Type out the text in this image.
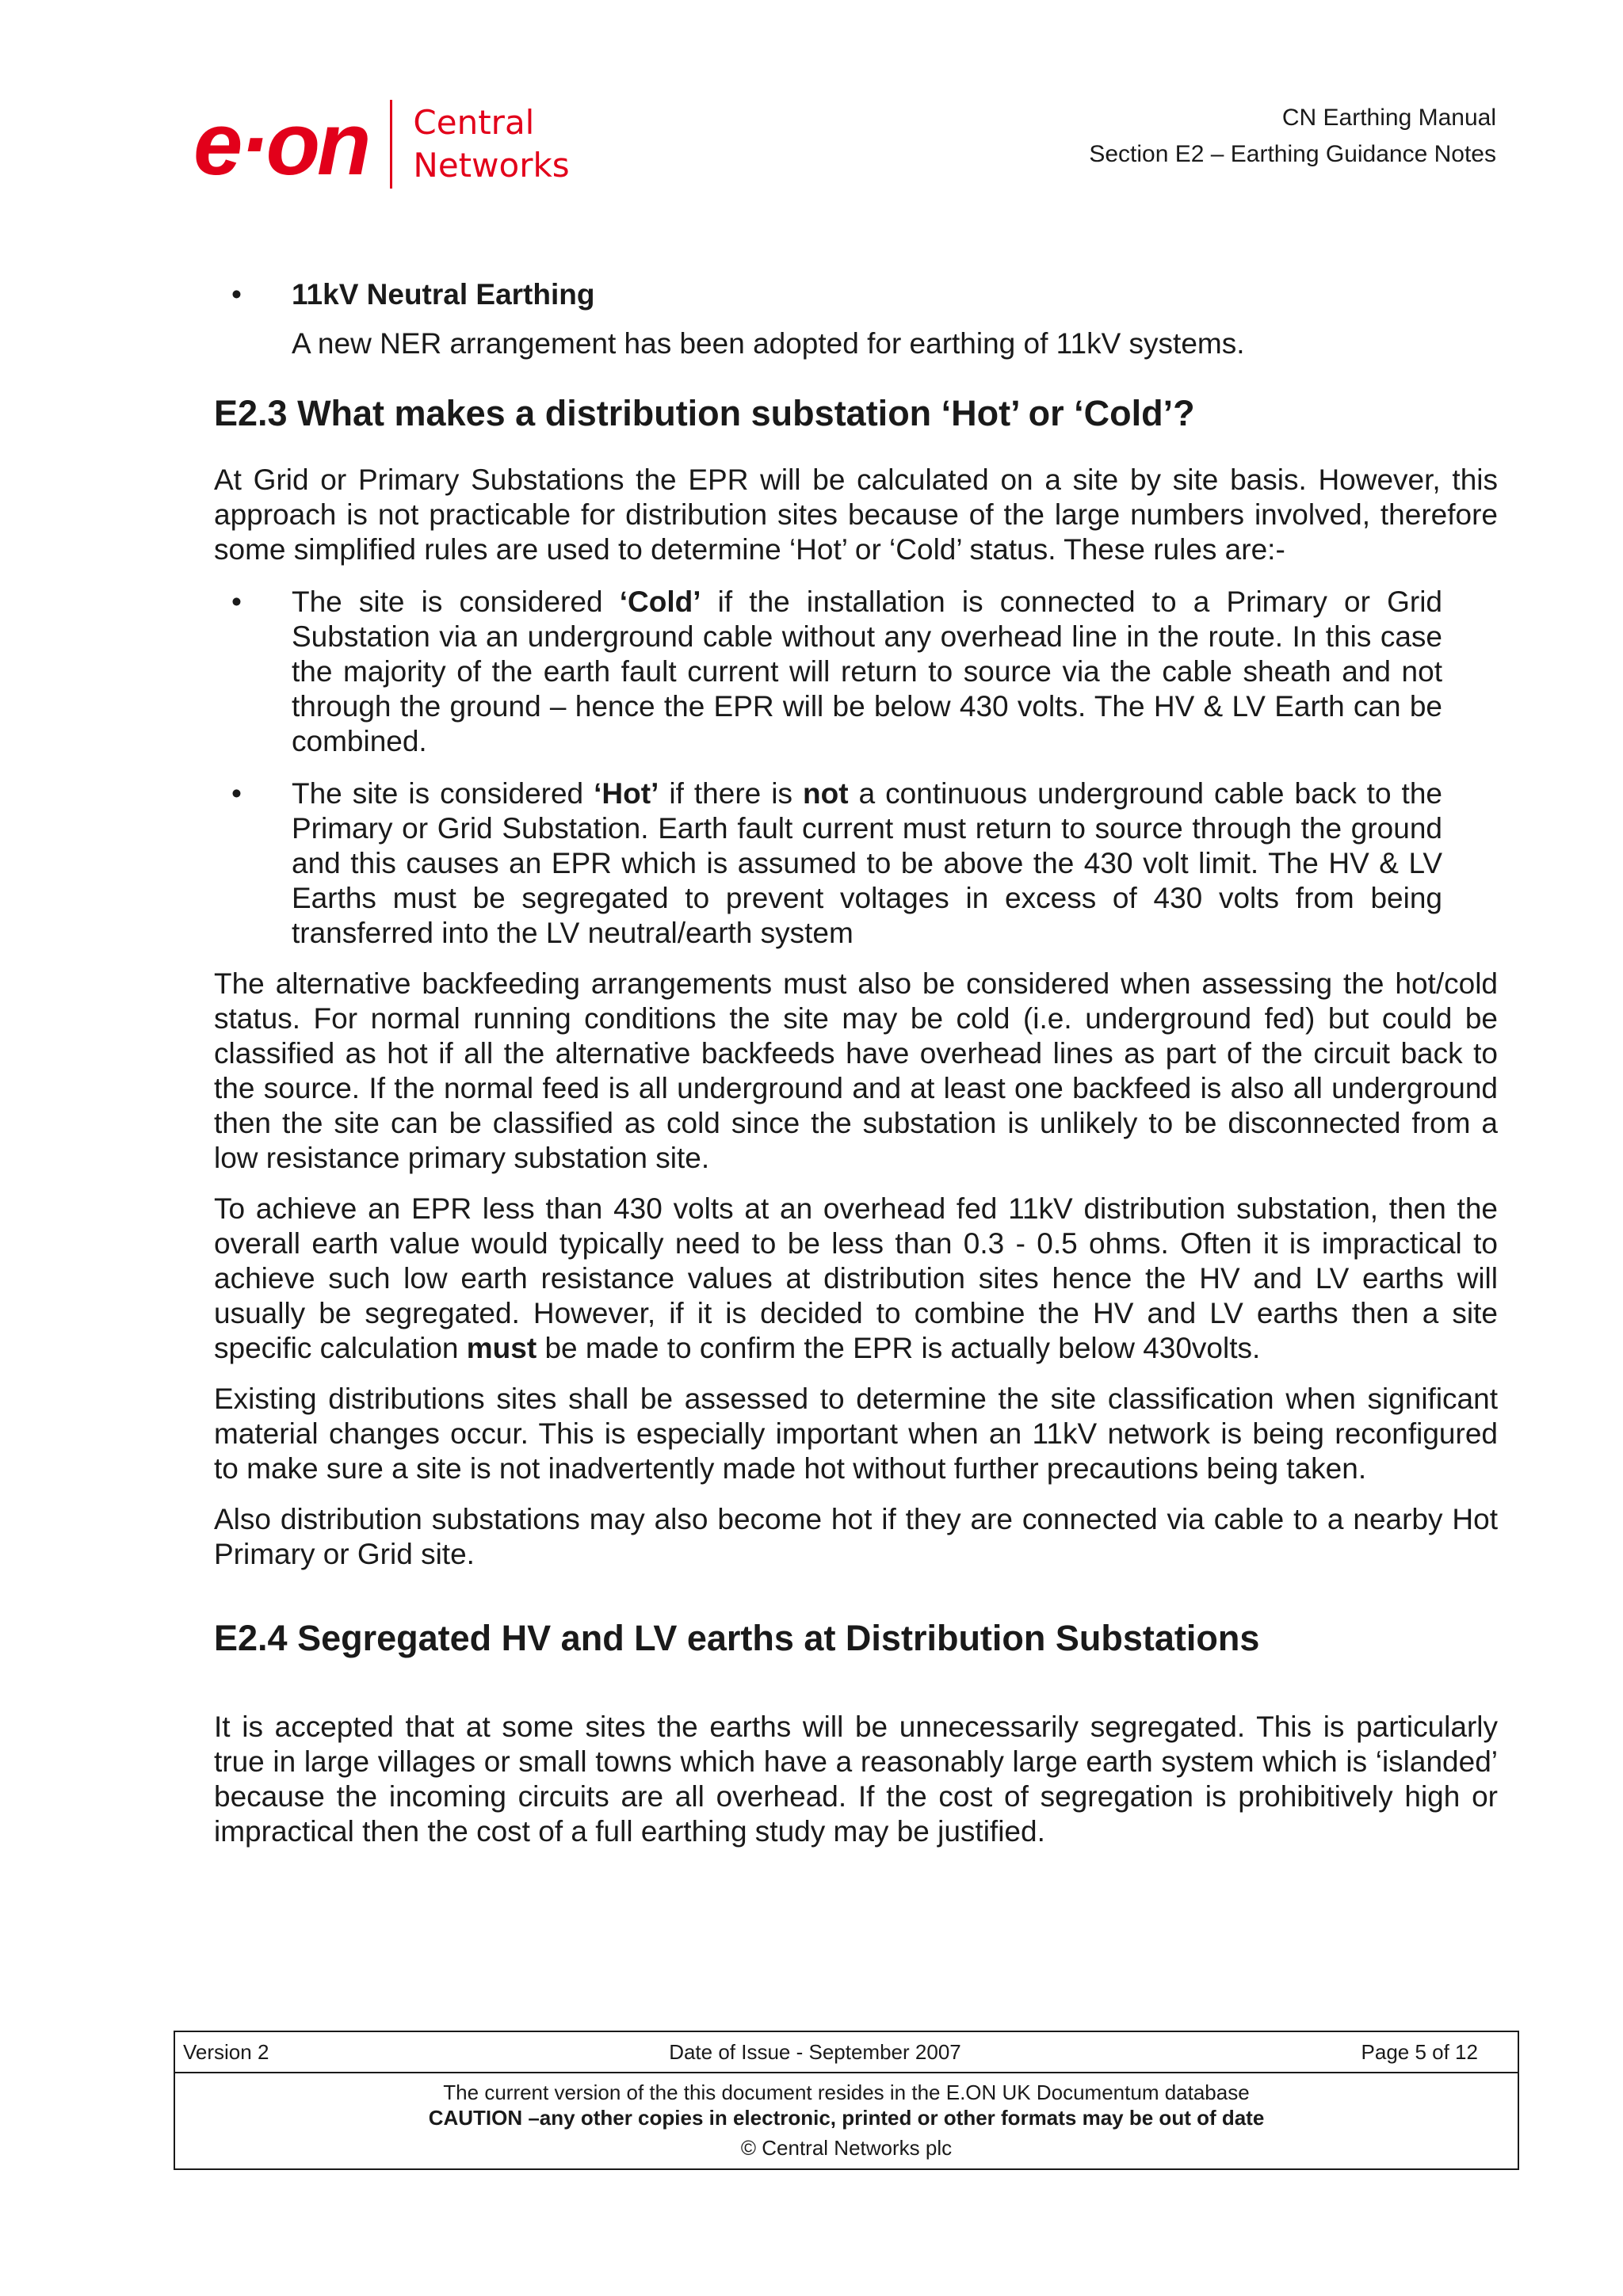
e·on Central
Networks
CN Earthing Manual
Section E2 – Earthing Guidance Notes
• 11kV Neutral Earthing

A new NER arrangement has been adopted for earthing of 11kV systems.

E2.3 What makes a distribution substation ‘Hot’ or ‘Cold’?

At Grid or Primary Substations the EPR will be calculated on a site by site basis. However, this approach is not practicable for distribution sites because of the large numbers involved, therefore some simplified rules are used to determine ‘Hot’ or ‘Cold’ status. These rules are:-

• The site is considered ‘Cold’ if the installation is connected to a Primary or Grid Substation via an underground cable without any overhead line in the route. In this case the majority of the earth fault current will return to source via the cable sheath and not through the ground – hence the EPR will be below 430 volts. The HV & LV Earth can be combined.
• The site is considered ‘Hot’ if there is not a continuous underground cable back to the Primary or Grid Substation. Earth fault current must return to source through the ground and this causes an EPR which is assumed to be above the 430 volt limit. The HV & LV Earths must be segregated to prevent voltages in excess of 430 volts from being transferred into the LV neutral/earth system

The alternative backfeeding arrangements must also be considered when assessing the hot/cold status. For normal running conditions the site may be cold (i.e. underground fed) but could be classified as hot if all the alternative backfeeds have overhead lines as part of the circuit back to the source. If the normal feed is all underground and at least one backfeed is also all underground then the site can be classified as cold since the substation is unlikely to be disconnected from a low resistance primary substation site.

To achieve an EPR less than 430 volts at an overhead fed 11kV distribution substation, then the overall earth value would typically need to be less than 0.3 - 0.5 ohms. Often it is impractical to achieve such low earth resistance values at distribution sites hence the HV and LV earths will usually be segregated. However, if it is decided to combine the HV and LV earths then a site specific calculation must be made to confirm the EPR is actually below 430volts.

Existing distributions sites shall be assessed to determine the site classification when significant material changes occur. This is especially important when an 11kV network is being reconfigured to make sure a site is not inadvertently made hot without further precautions being taken.

Also distribution substations may also become hot if they are connected via cable to a nearby Hot Primary or Grid site.

E2.4 Segregated HV and LV earths at Distribution Substations

It is accepted that at some sites the earths will be unnecessarily segregated. This is particularly true in large villages or small towns which have a reasonably large earth system which is ‘islanded’ because the incoming circuits are all overhead. If the cost of segregation is prohibitively high or impractical then the cost of a full earthing study may be justified.

Version 2	Date of Issue - September 2007	Page 5 of 12
The current version of the this document resides in the E.ON UK Documentum database
CAUTION –any other copies in electronic, printed or other formats may be out of date
© Central Networks plc
